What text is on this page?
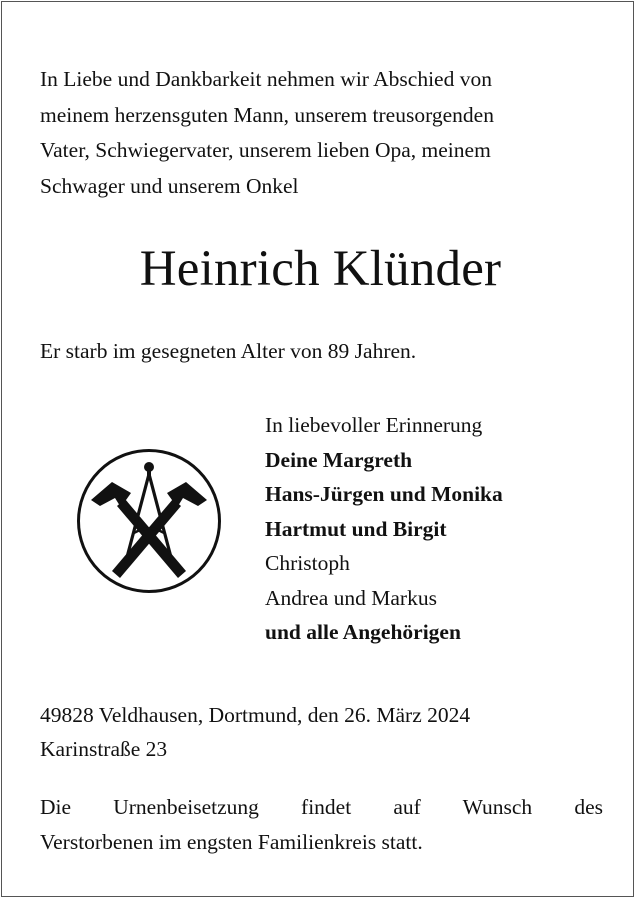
In Liebe und Dankbarkeit nehmen wir Abschied von
meinem herzensguten Mann, unserem treusorgenden
Vater, Schwiegervater, unserem lieben Opa, meinem
Schwager und unserem Onkel

Heinrich Klünder

Er starb im gesegneten Alter von 89 Jahren.

In liebevoller Erinnerung
Deine Margreth
Hans-Jürgen und Monika
Hartmut und Birgit
Christoph
Andrea und Markus
und alle Angehörigen

49828 Veldhausen, Dortmund, den 26. März 2024
Karinstraße 23

Die Urnenbeisetzung findet auf Wunsch des
Verstorbenen im engsten Familienkreis statt.
